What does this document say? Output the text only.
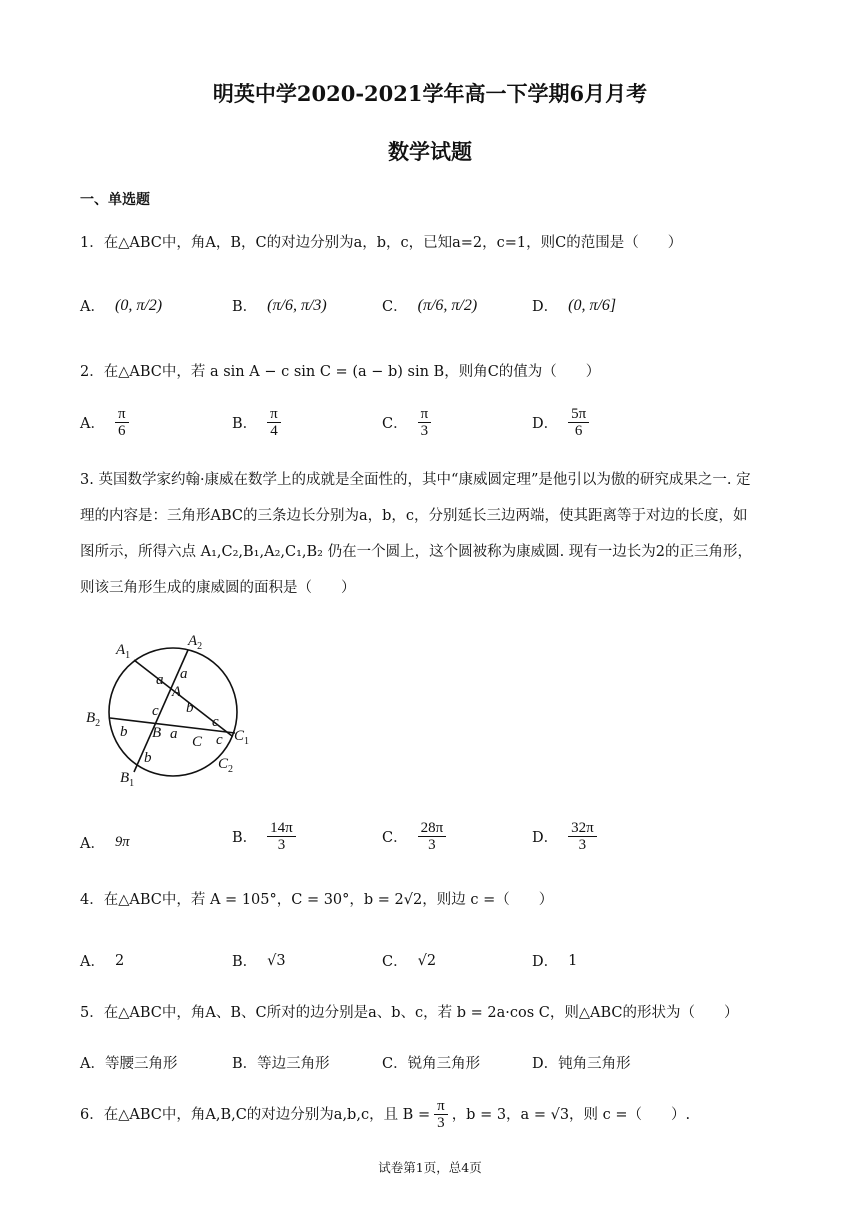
明英中学2020-2021学年高一下学期6月月考
数学试题
一、单选题
1．在△ABC中，角A，B，C的对边分别为a，b，c，已知a=2，c=1，则C的范围是（　　）
A． (0, π/2)	B． (π/6, π/3)	C． (π/6, π/2)	D． (0, π/6]
2．在△ABC中，若 a sin A − c sin C = (a − b) sin B，则角C的值为（　　）
A． $\frac{\pi}{6}$	B． $\frac{\pi}{4}$	C． $\frac{\pi}{3}$	D． $\frac{5\pi}{6}$
3. 英国数学家约翰·康威在数学上的成就是全面性的，其中“康威圆定理”是他引以为傲的研究成果之一. 定
理的内容是：三角形ABC的三条边长分别为a，b，c，分别延长三边两端，使其距离等于对边的长度，如
图所示，所得六点 A₁,C₂,B₁,A₂,C₁,B₂ 仍在一个圆上，这个圆被称为康威圆. 现有一边长为2的正三角形，
则该三角形生成的康威圆的面积是（　　）
$A_1$
$A_2$
$B_2$
$B_1$
$C_1$
$C_2$
A
B
C
a
a
a
b
b
b
c
c
c
A． 9π	B． $\frac{14\pi}{3}$	C． $\frac{28\pi}{3}$	D． $\frac{32\pi}{3}$
4．在△ABC中，若 A = 105°，C = 30°，b = 2√2，则边 c =（　　）
A． 2	B． √3	C． √2	D． 1
5．在△ABC中，角A、B、C所对的边分别是a、b、c，若 b = 2a·cos C，则△ABC的形状为（　　）
A．等腰三角形	B．等边三角形	C．锐角三角形	D．钝角三角形
6．在△ABC中，角A,B,C的对边分别为a,b,c，且 $B = \frac{\pi}{3}$ ，b = 3，a = √3，则 c =（　　）.
试卷第1页，总4页
